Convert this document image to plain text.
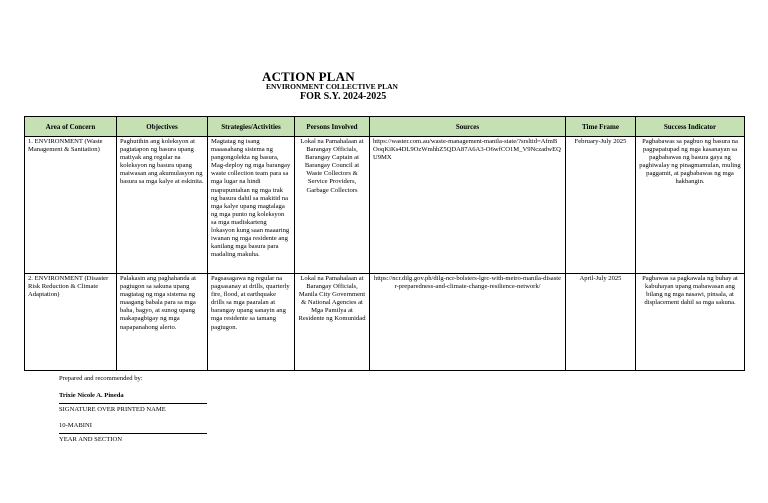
ACTION PLAN
ENVIRONMENT COLLECTIVE PLAN
FOR S.Y. 2024-2025
Area of Concern	Objectives	Strategies/Activities	Persons Involved	Sources	Time Frame	Success Indicator
1. ENVIRONMENT (Waste Management & Sanitation)	Paghutihin ang koleksyon at pagtatapon ng basura upang matiyak ang regular na koleksyon ng basura upang maiwasan ang akumulasyon ng basura sa mga kalye at eskinita.	Magtatag ng isang maaasahang sistema ng pangongolekta ng basura, Mag-deploy ng mga barangay waste collection team para sa mga lugar na hindi mapupuntahan ng mga trak ng basura dahil sa makitid na mga kalye upang magtalaga ng mga punto ng koleksyon sa mga madiskarteng lokasyon kung saan maaaring iwanan ng mga residente ang kanilang mga basura para madaling makuha.	Lokal na Pamahalaan at Barangay Officials, Barangay Captain at Barangay Council at Waste Collectors & Service Providers, Garbage Collectors	https://waster.com.au/waste-management-manila-state/?srsltid=AfmBOoqKiKs4DL9OzWmhhZ5QDA87A6A3-O6wfCO1M_V9NczadwEQU9MX	February-July 2025	Pagbabawas sa pagbuo ng basura na pagpapatupad ng mga kasanayan sa pagbabawas ng basura gaya ng paghiwalay ng pinagmamulan, muling paggamit, at pagbabawas ng mga hakbangin.
2. ENVIRONMENT (Disaster Risk Reduction & Climate Adaptation)	Palakasin ang paghahanda at pagtugon sa sakuna upang magtatag ng mga sistema ng maagang babala para sa mga baha, bagyo, at sunog upang makapagbigay ng mga napapanahong alerto.	Pagsasagawa ng regular na pagsasanay at drills, quarterly fire, flood, at earthquake drills sa mga paaralan at barangay upang sanayin ang mga residente sa tamang pagtugon.	Lokal na Pamahalaan at Barangay Officials, Manila City Government & National Agencies at Mga Pamilya at Residente ng Komunidad	https://ncr.dilg.gov.ph/dilg-ncr-bolsters-lgrc-with-metro-manila-disaster-preparedness-and-climate-change-resilience-network/	April-July 2025	Pagbawas sa pagkawala ng buhay at kabuhayan upang mabawasan ang bilang ng mga nasawi, pinsala, at displacement dahil sa mga sakuna.
Prepared and recommended by:
Trixie Nicole A. Pineda
SIGNATURE OVER PRINTED NAME
10-MABINI
YEAR AND SECTION
